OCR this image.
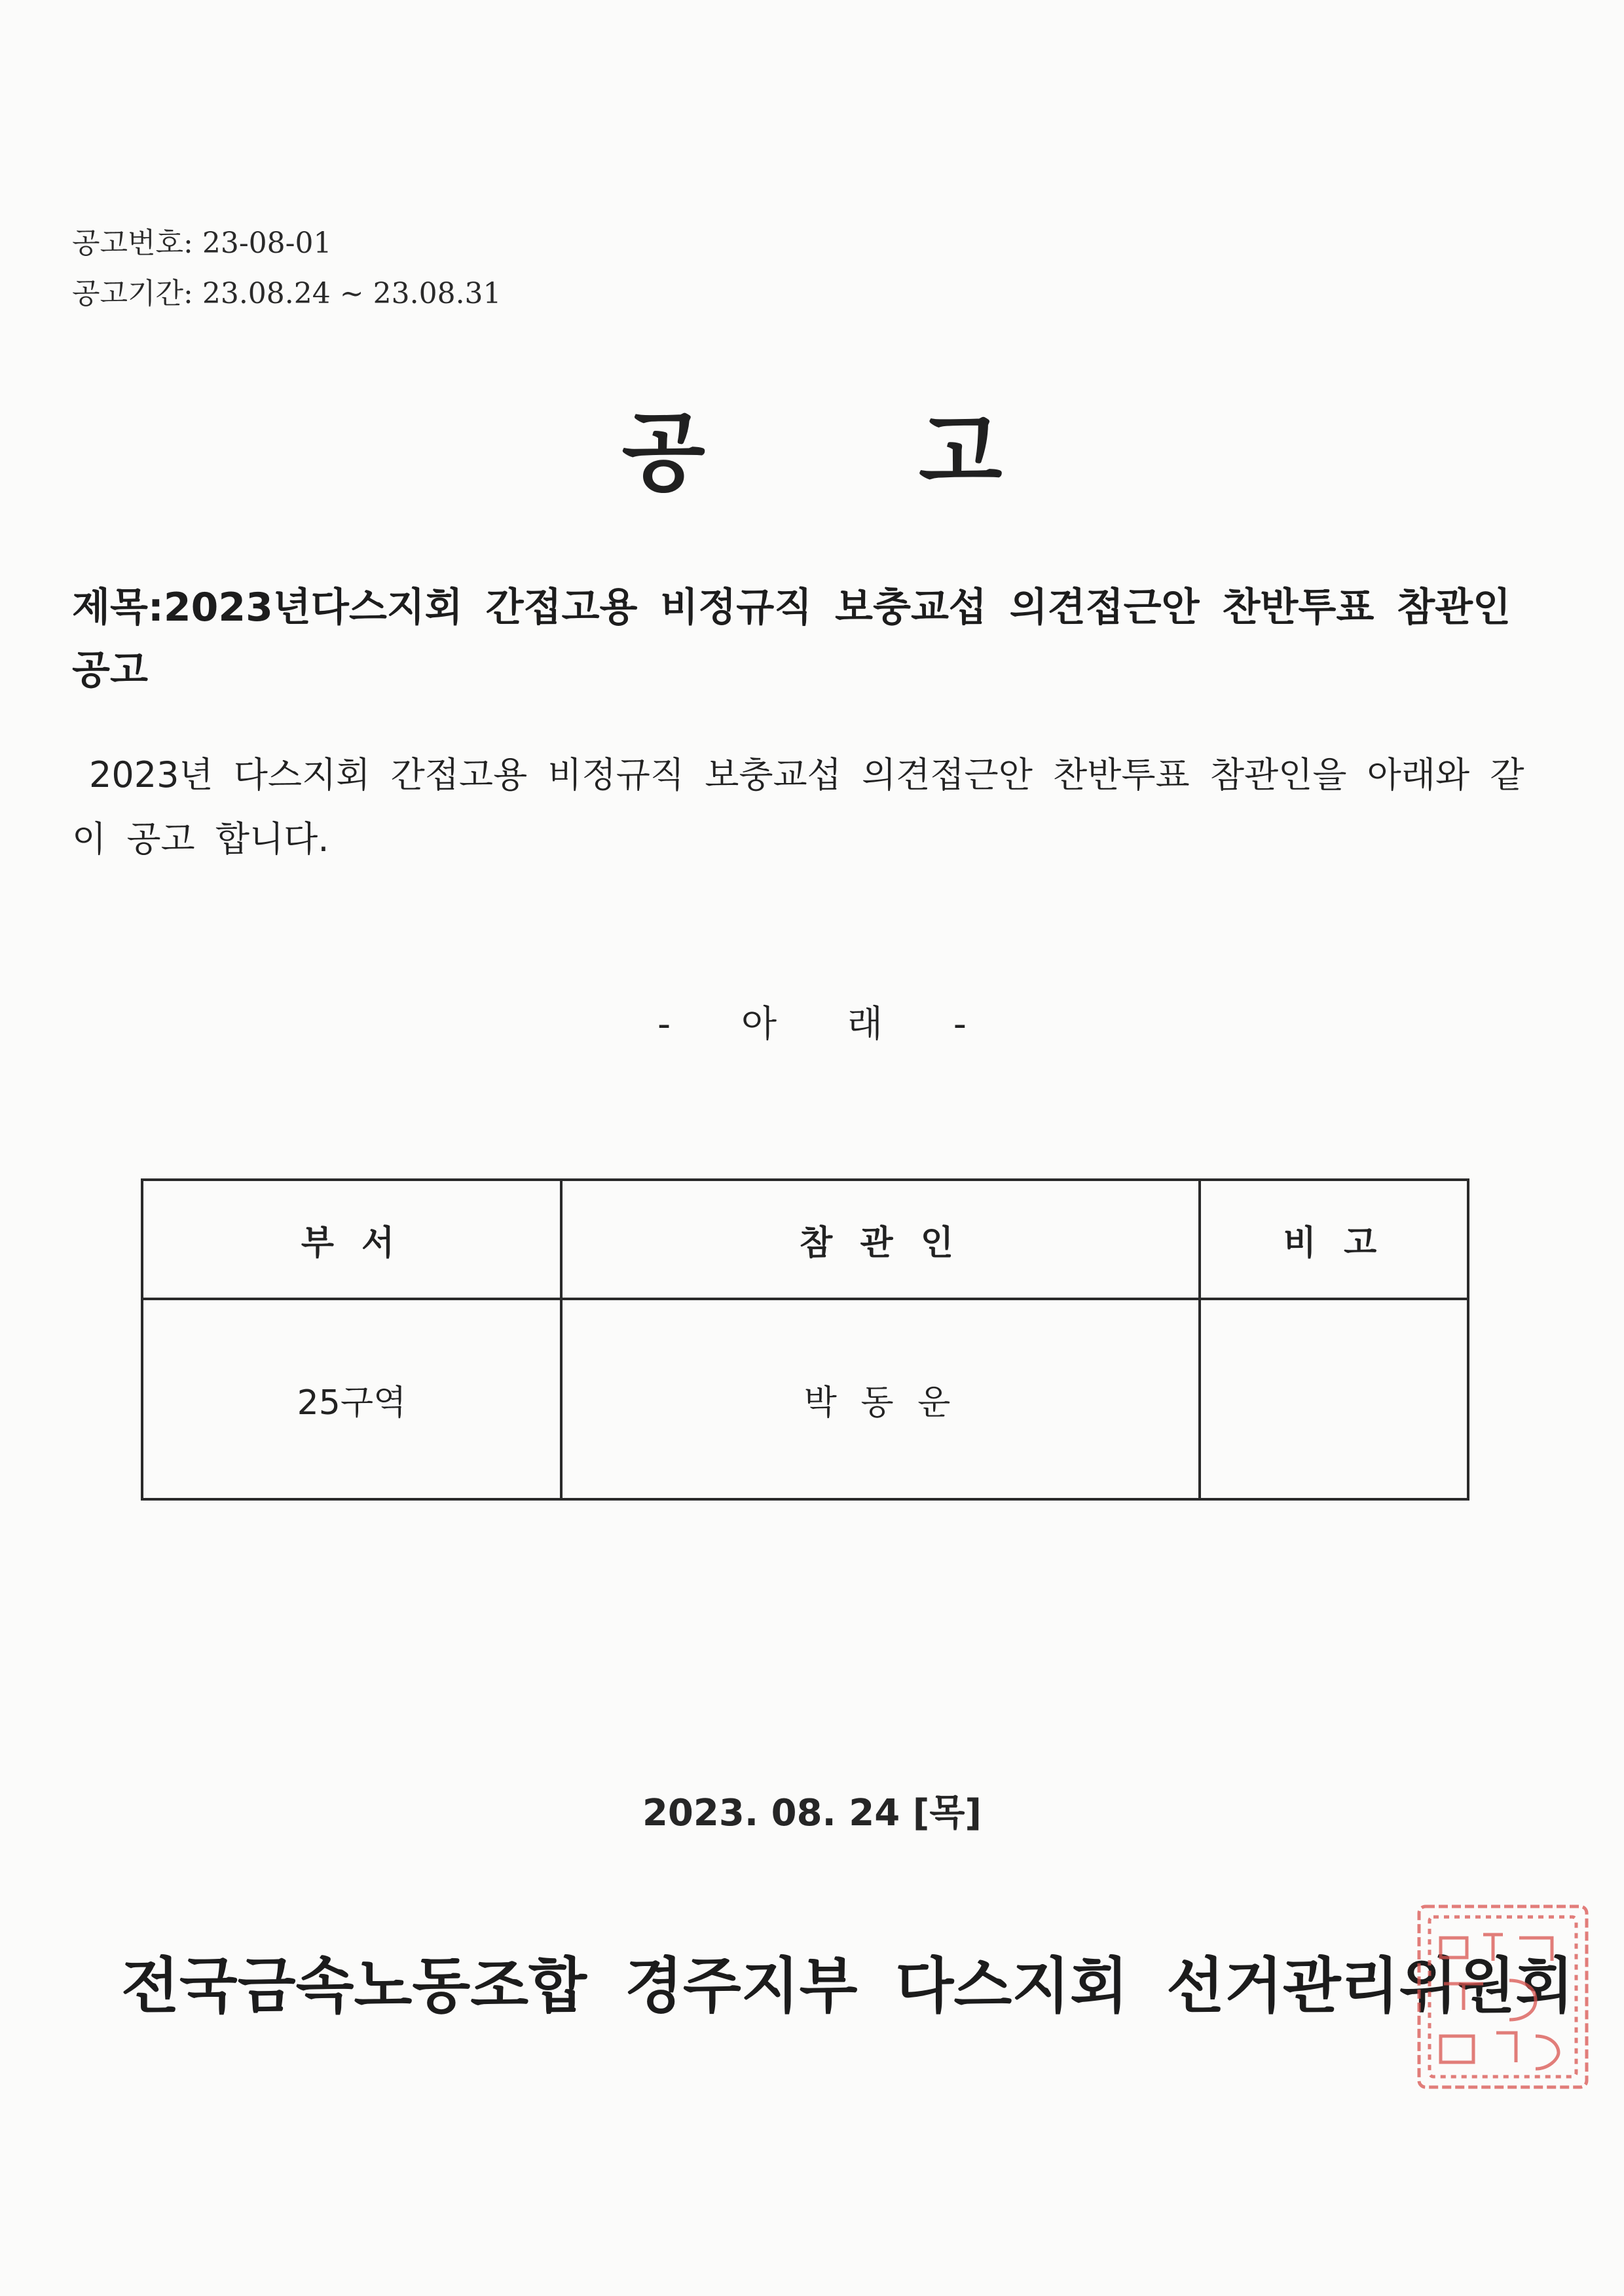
공고번호: 23-08-01
공고기간: 23.08.24 ~ 23.08.31
공 고
제목:2023년다스지회 간접고용 비정규직 보충교섭 의견접근안 찬반투표 참관인 공고
2023년 다스지회 간접고용 비정규직 보충교섭 의견접근안 찬반투표 참관인을 아래와 같이 공고 합니다.
- 아 래 -
부 서	참 관 인	비 고
25구역	박 동 운	
2023. 08. 24 [목]
전국금속노동조합 경주지부 다스지회 선거관리위원회
